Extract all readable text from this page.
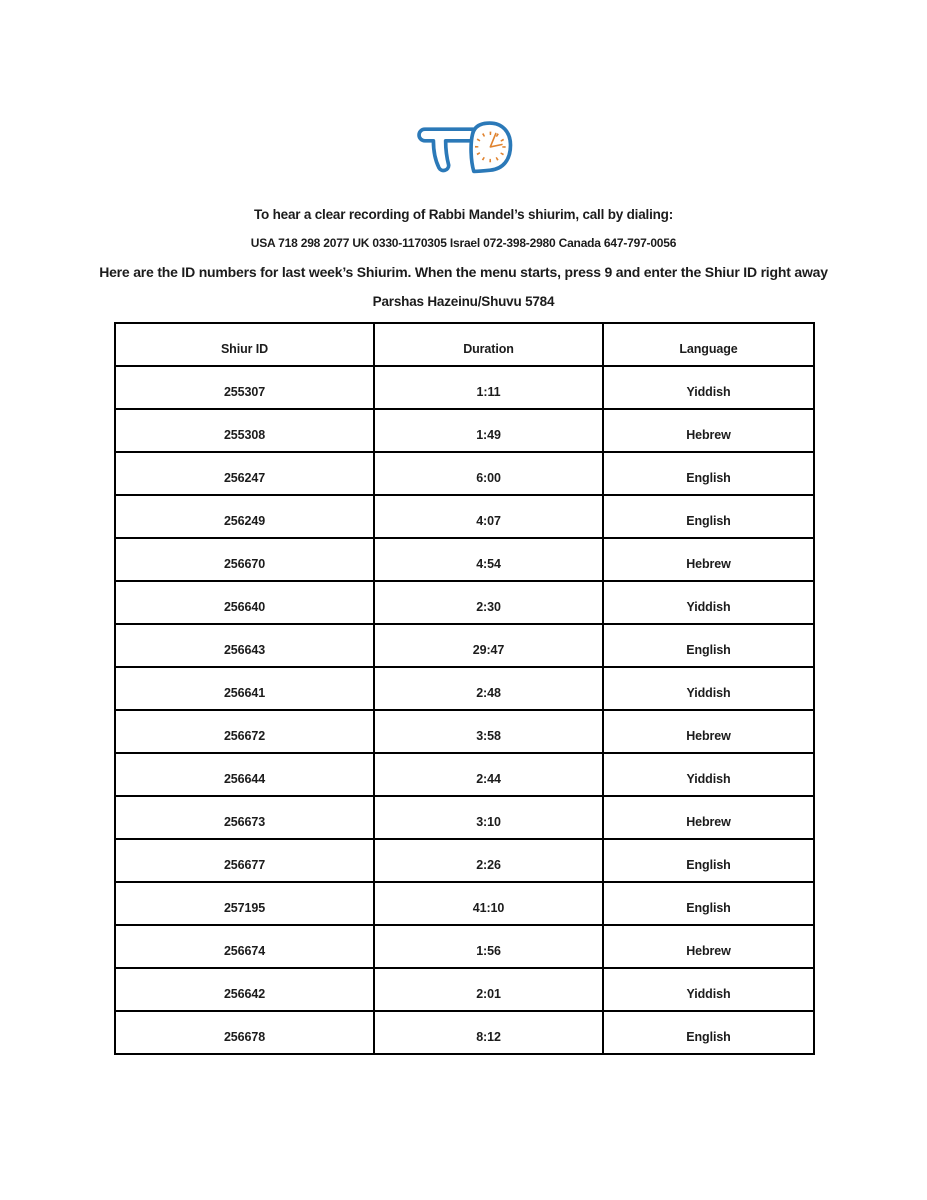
To hear a clear recording of Rabbi Mandel’s shiurim, call by dialing:
USA 718 298 2077 UK 0330-1170305 Israel 072-398-2980 Canada 647-797-0056
Here are the ID numbers for last week’s Shiurim. When the menu starts, press 9 and enter the Shiur ID right away
Parshas Hazeinu/Shuvu 5784
Shiur ID	Duration	Language
255307	1:11	Yiddish
255308	1:49	Hebrew
256247	6:00	English
256249	4:07	English
256670	4:54	Hebrew
256640	2:30	Yiddish
256643	29:47	English
256641	2:48	Yiddish
256672	3:58	Hebrew
256644	2:44	Yiddish
256673	3:10	Hebrew
256677	2:26	English
257195	41:10	English
256674	1:56	Hebrew
256642	2:01	Yiddish
256678	8:12	English
